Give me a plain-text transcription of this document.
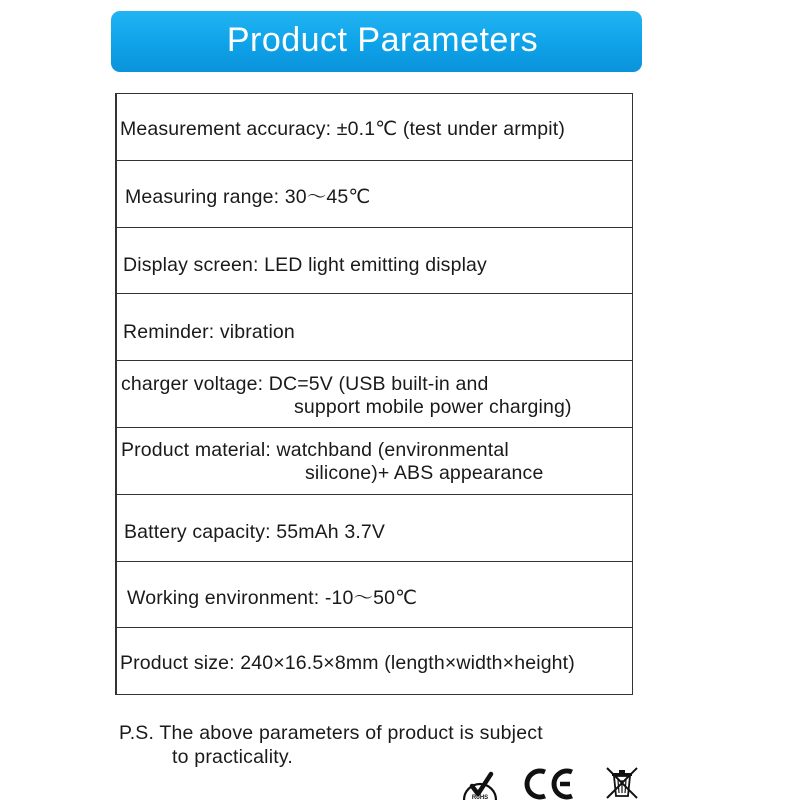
Product Parameters
Measurement accuracy: ±0.1℃ (test under armpit)
Measuring range: 30～45℃
Display screen: LED light emitting display
Reminder: vibration
charger voltage: DC=5V (USB built-in and
support mobile power charging)
Product material: watchband (environmental
silicone)+ ABS appearance
Battery capacity: 55mAh 3.7V
Working environment: -10～50℃
Product size: 240×16.5×8mm (length×width×height)
P.S. The above parameters of product is subject
to practicality.
RoHS
